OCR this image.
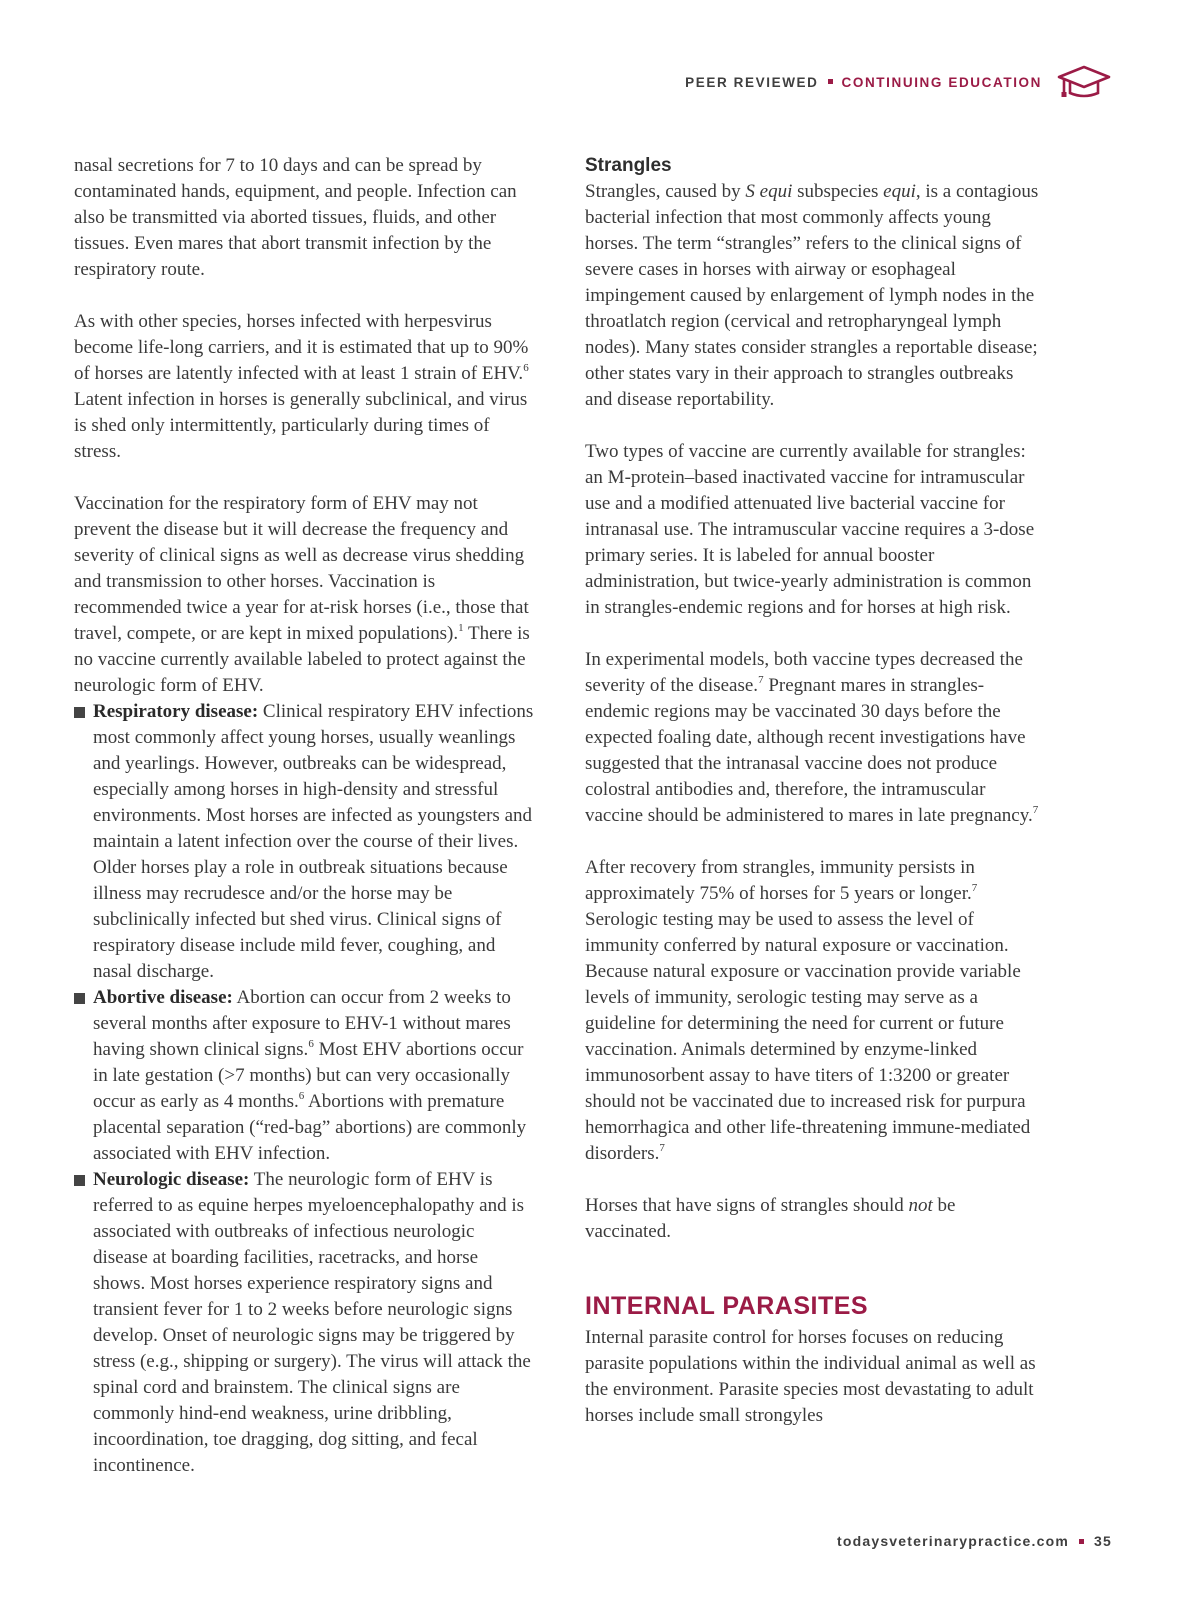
PEER REVIEWED CONTINUING EDUCATION

nasal secretions for 7 to 10 days and can be spread by contaminated hands, equipment, and people. Infection can also be transmitted via aborted tissues, fluids, and other tissues. Even mares that abort transmit infection by the respiratory route.

As with other species, horses infected with herpesvirus become life-long carriers, and it is estimated that up to 90% of horses are latently infected with at least 1 strain of EHV.$^6$ Latent infection in horses is generally subclinical, and virus is shed only intermittently, particularly during times of stress.

Vaccination for the respiratory form of EHV may not prevent the disease but it will decrease the frequency and severity of clinical signs as well as decrease virus shedding and transmission to other horses. Vaccination is recommended twice a year for at-risk horses (i.e., those that travel, compete, or are kept in mixed populations).$^1$ There is no vaccine currently available labeled to protect against the neurologic form of EHV.

Respiratory disease: Clinical respiratory EHV infections most commonly affect young horses, usually weanlings and yearlings. However, outbreaks can be widespread, especially among horses in high-density and stressful environments. Most horses are infected as youngsters and maintain a latent infection over the course of their lives. Older horses play a role in outbreak situations because illness may recrudesce and/or the horse may be subclinically infected but shed virus. Clinical signs of respiratory disease include mild fever, coughing, and nasal discharge.
Abortive disease: Abortion can occur from 2 weeks to several months after exposure to EHV-1 without mares having shown clinical signs.$^6$ Most EHV abortions occur in late gestation (>7 months) but can very occasionally occur as early as 4 months.$^6$ Abortions with premature placental separation (“red-bag” abortions) are commonly associated with EHV infection.
Neurologic disease: The neurologic form of EHV is referred to as equine herpes myeloencephalopathy and is associated with outbreaks of infectious neurologic disease at boarding facilities, racetracks, and horse shows. Most horses experience respiratory signs and transient fever for 1 to 2 weeks before neurologic signs develop. Onset of neurologic signs may be triggered by stress (e.g., shipping or surgery). The virus will attack the spinal cord and brainstem. The clinical signs are commonly hind-end weakness, urine dribbling, incoordination, toe dragging, dog sitting, and fecal incontinence.
Strangles

Strangles, caused by S equi subspecies equi, is a contagious bacterial infection that most commonly affects young horses. The term “strangles” refers to the clinical signs of severe cases in horses with airway or esophageal impingement caused by enlargement of lymph nodes in the throatlatch region (cervical and retropharyngeal lymph nodes). Many states consider strangles a reportable disease; other states vary in their approach to strangles outbreaks and disease reportability.

Two types of vaccine are currently available for strangles: an M-protein–based inactivated vaccine for intramuscular use and a modified attenuated live bacterial vaccine for intranasal use. The intramuscular vaccine requires a 3-dose primary series. It is labeled for annual booster administration, but twice-yearly administration is common in strangles-endemic regions and for horses at high risk.

In experimental models, both vaccine types decreased the severity of the disease.$^7$ Pregnant mares in strangles-endemic regions may be vaccinated 30 days before the expected foaling date, although recent investigations have suggested that the intranasal vaccine does not produce colostral antibodies and, therefore, the intramuscular vaccine should be administered to mares in late pregnancy.$^7$

After recovery from strangles, immunity persists in approximately 75% of horses for 5 years or longer.$^7$ Serologic testing may be used to assess the level of immunity conferred by natural exposure or vaccination. Because natural exposure or vaccination provide variable levels of immunity, serologic testing may serve as a guideline for determining the need for current or future vaccination. Animals determined by enzyme-linked immunosorbent assay to have titers of 1:3200 or greater should not be vaccinated due to increased risk for purpura hemorrhagica and other life-threatening immune-mediated disorders.$^7$

Horses that have signs of strangles should not be vaccinated.

INTERNAL PARASITES

Internal parasite control for horses focuses on reducing parasite populations within the individual animal as well as the environment. Parasite species most devastating to adult horses include small strongyles

todaysveterinarypractice.com 35
